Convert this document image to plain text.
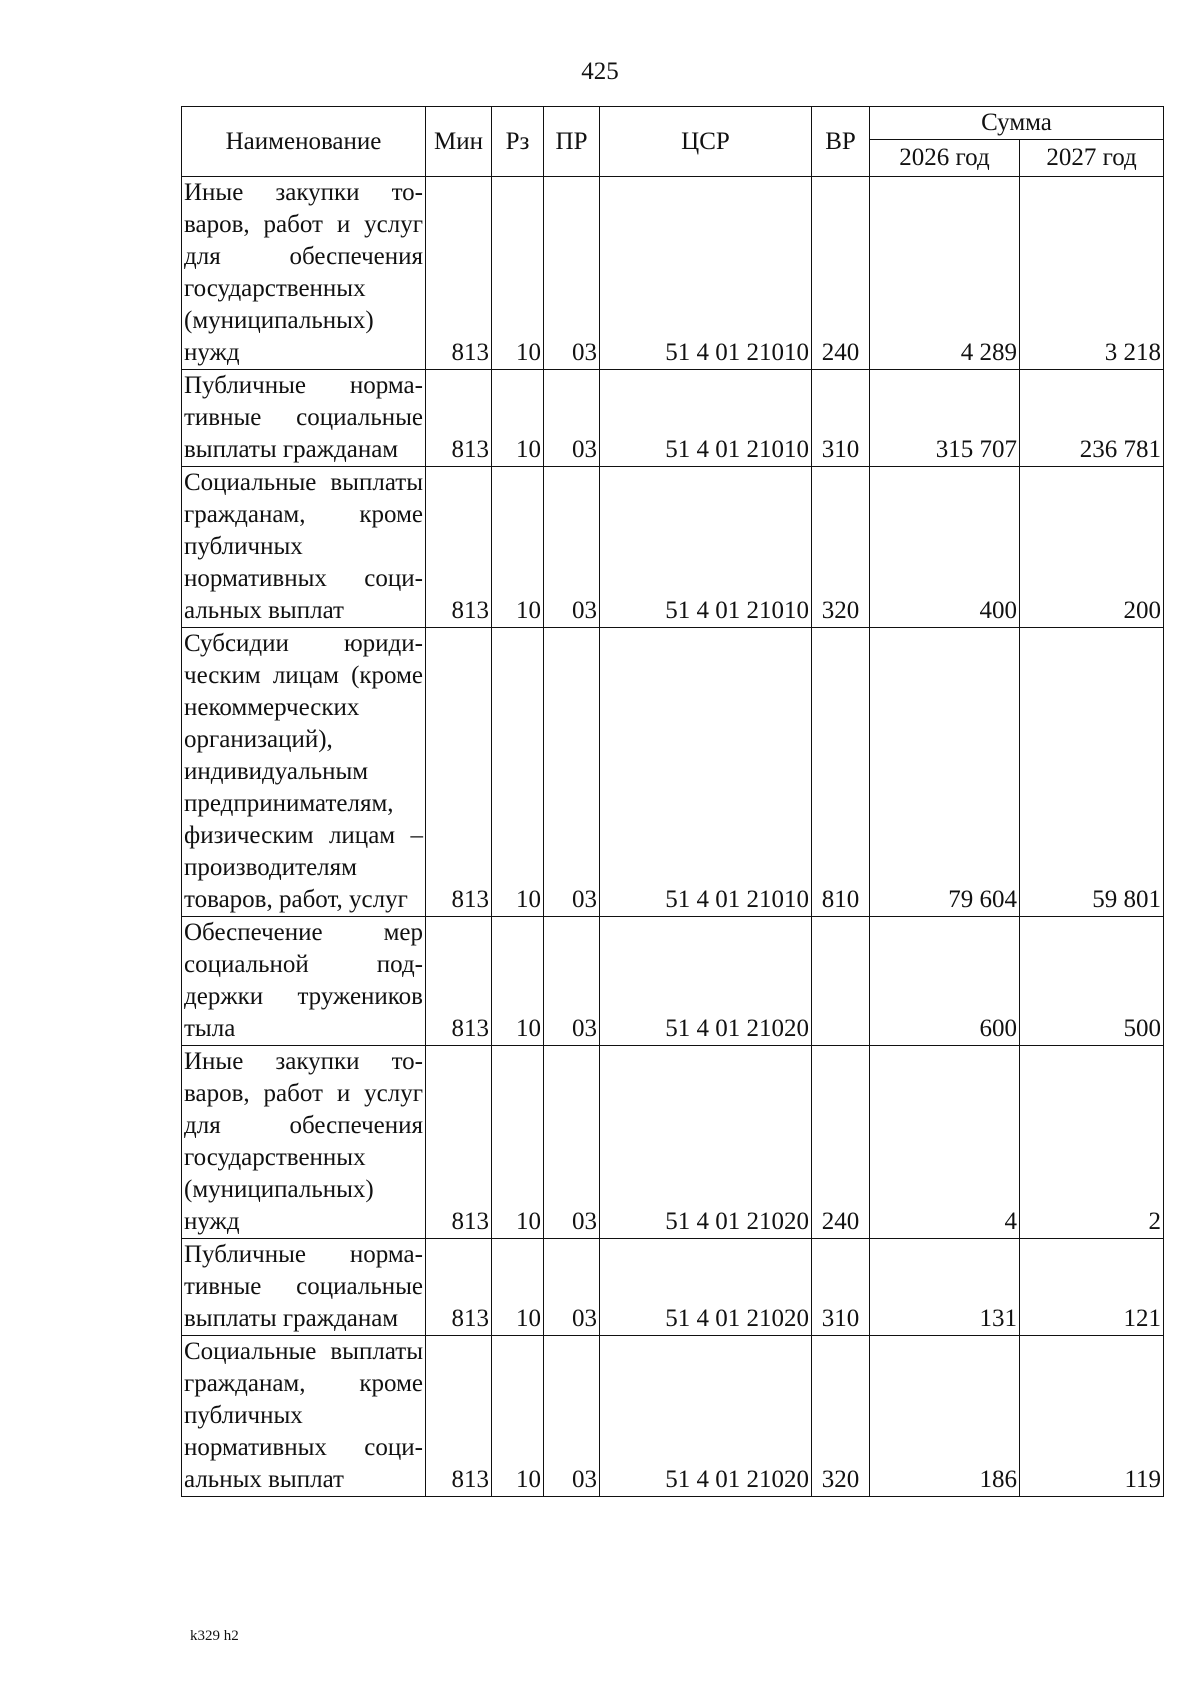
425
Наименование	Мин	Рз	ПР	ЦСР	ВР	Сумма	
						2026 год	2027 год
Иные закупки товаров, работ и услуг для обеспечения государственных (муниципальных) нужд	813	10	03	51 4 01 21010	240	4 289	3 218
Публичные нормативные социальные выплаты гражданам	813	10	03	51 4 01 21010	310	315 707	236 781
Социальные выплаты гражданам, кроме публичных нормативных социальных выплат	813	10	03	51 4 01 21010	320	400	200
Субсидии юридическим лицам (кроме некоммерческих организаций), индивидуальным предпринимателям, физическим лицам – производителям товаров, работ, услуг	813	10	03	51 4 01 21010	810	79 604	59 801
Обеспечение мер социальной поддержки тружеников тыла	813	10	03	51 4 01 21020		600	500
Иные закупки товаров, работ и услуг для обеспечения государственных (муниципальных) нужд	813	10	03	51 4 01 21020	240	4	2
Публичные нормативные социальные выплаты гражданам	813	10	03	51 4 01 21020	310	131	121
Социальные выплаты гражданам, кроме публичных нормативных социальных выплат	813	10	03	51 4 01 21020	320	186	119
k329 h2
